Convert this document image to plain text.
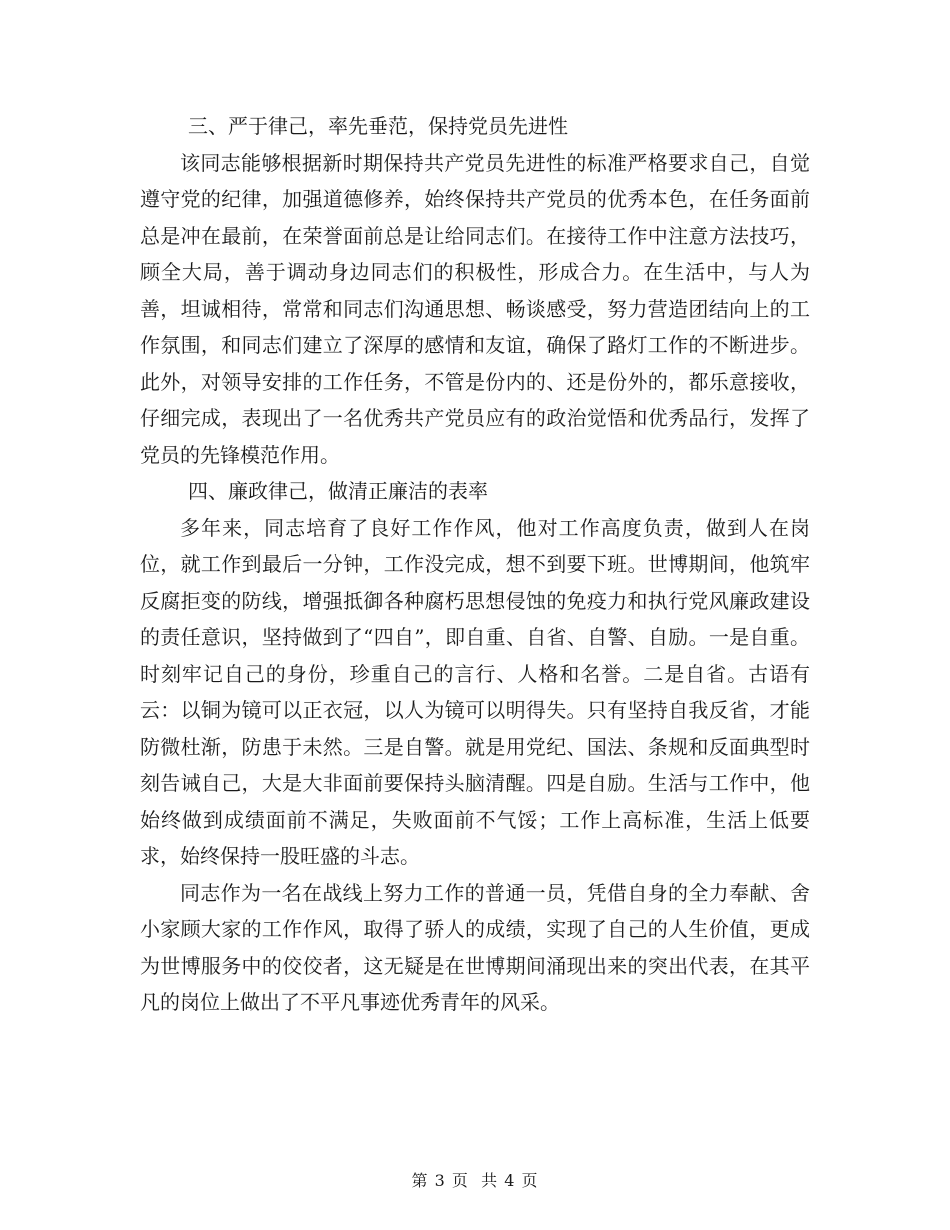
三、严于律己，率先垂范，保持党员先进性

该同志能够根据新时期保持共产党员先进性的标准严格要求自己，自觉遵守党的纪律，加强道德修养，始终保持共产党员的优秀本色，在任务面前总是冲在最前，在荣誉面前总是让给同志们。在接待工作中注意方法技巧，顾全大局，善于调动身边同志们的积极性，形成合力。在生活中，与人为善，坦诚相待，常常和同志们沟通思想、畅谈感受，努力营造团结向上的工作氛围，和同志们建立了深厚的感情和友谊，确保了路灯工作的不断进步。此外，对领导安排的工作任务，不管是份内的、还是份外的，都乐意接收，仔细完成，表现出了一名优秀共产党员应有的政治觉悟和优秀品行，发挥了党员的先锋模范作用。

四、廉政律己，做清正廉洁的表率

多年来，同志培育了良好工作作风，他对工作高度负责，做到人在岗位，就工作到最后一分钟，工作没完成，想不到要下班。世博期间，他筑牢反腐拒变的防线，增强抵御各种腐朽思想侵蚀的免疫力和执行党风廉政建设的责任意识，坚持做到了“四自”，即自重、自省、自警、自励。一是自重。时刻牢记自己的身份，珍重自己的言行、人格和名誉。二是自省。古语有云：以铜为镜可以正衣冠，以人为镜可以明得失。只有坚持自我反省，才能防微杜渐，防患于未然。三是自警。就是用党纪、国法、条规和反面典型时刻告诫自己，大是大非面前要保持头脑清醒。四是自励。生活与工作中，他始终做到成绩面前不满足，失败面前不气馁；工作上高标准，生活上低要求，始终保持一股旺盛的斗志。

同志作为一名在战线上努力工作的普通一员，凭借自身的全力奉献、舍小家顾大家的工作作风，取得了骄人的成绩，实现了自己的人生价值，更成为世博服务中的佼佼者，这无疑是在世博期间涌现出来的突出代表，在其平凡的岗位上做出了不平凡事迹优秀青年的风采。

第 3 页  共 4 页
